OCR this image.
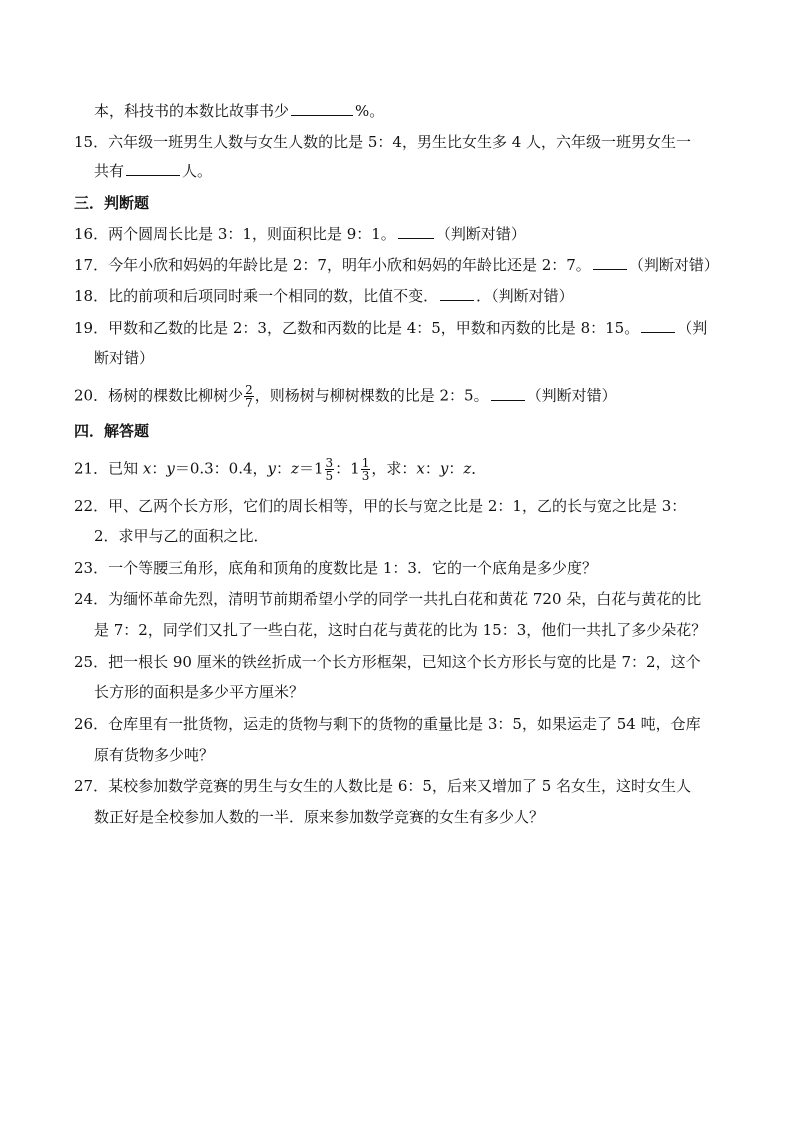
本，科技书的本数比故事书少	%。
15．六年级一班男生人数与女生人数的比是 5：4，男生比女生多 4 人，六年级一班男女生一
共有	人。
三．判断题
16．两个圆周长比是 3：1，则面积比是 9：1。	（判断对错）
17．今年小欣和妈妈的年龄比是 2：7，明年小欣和妈妈的年龄比还是 2：7。	（判断对错）
18．比的前项和后项同时乘一个相同的数，比值不变．	．（判断对错）
19．甲数和乙数的比是 2：3，乙数和丙数的比是 4：5，甲数和丙数的比是 8：15。	（判
断对错）
20．杨树的棵数比柳树少 $\frac{2}{7}$ ，则杨树与柳树棵数的比是 2：5。	（判断对错）
四．解答题
21．已知 x：y＝0.3：0.4，y：$z=1 \frac{3}{5}$ ：$1 \frac{1}{3}$ ，求：x：y：z．
22．甲、乙两个长方形，它们的周长相等，甲的长与宽之比是 2：1，乙的长与宽之比是 3：
2．求甲与乙的面积之比．
23．一个等腰三角形，底角和顶角的度数比是 1：3．它的一个底角是多少度？
24．为缅怀革命先烈，清明节前期希望小学的同学一共扎白花和黄花 720 朵，白花与黄花的比
是 7：2，同学们又扎了一些白花，这时白花与黄花的比为 15：3，他们一共扎了多少朵花？
25．把一根长 90 厘米的铁丝折成一个长方形框架，已知这个长方形长与宽的比是 7：2，这个
长方形的面积是多少平方厘米？
26．仓库里有一批货物，运走的货物与剩下的货物的重量比是 3：5，如果运走了 54 吨，仓库
原有货物多少吨？
27．某校参加数学竞赛的男生与女生的人数比是 6：5，后来又增加了 5 名女生，这时女生人
数正好是全校参加人数的一半．原来参加数学竞赛的女生有多少人？
